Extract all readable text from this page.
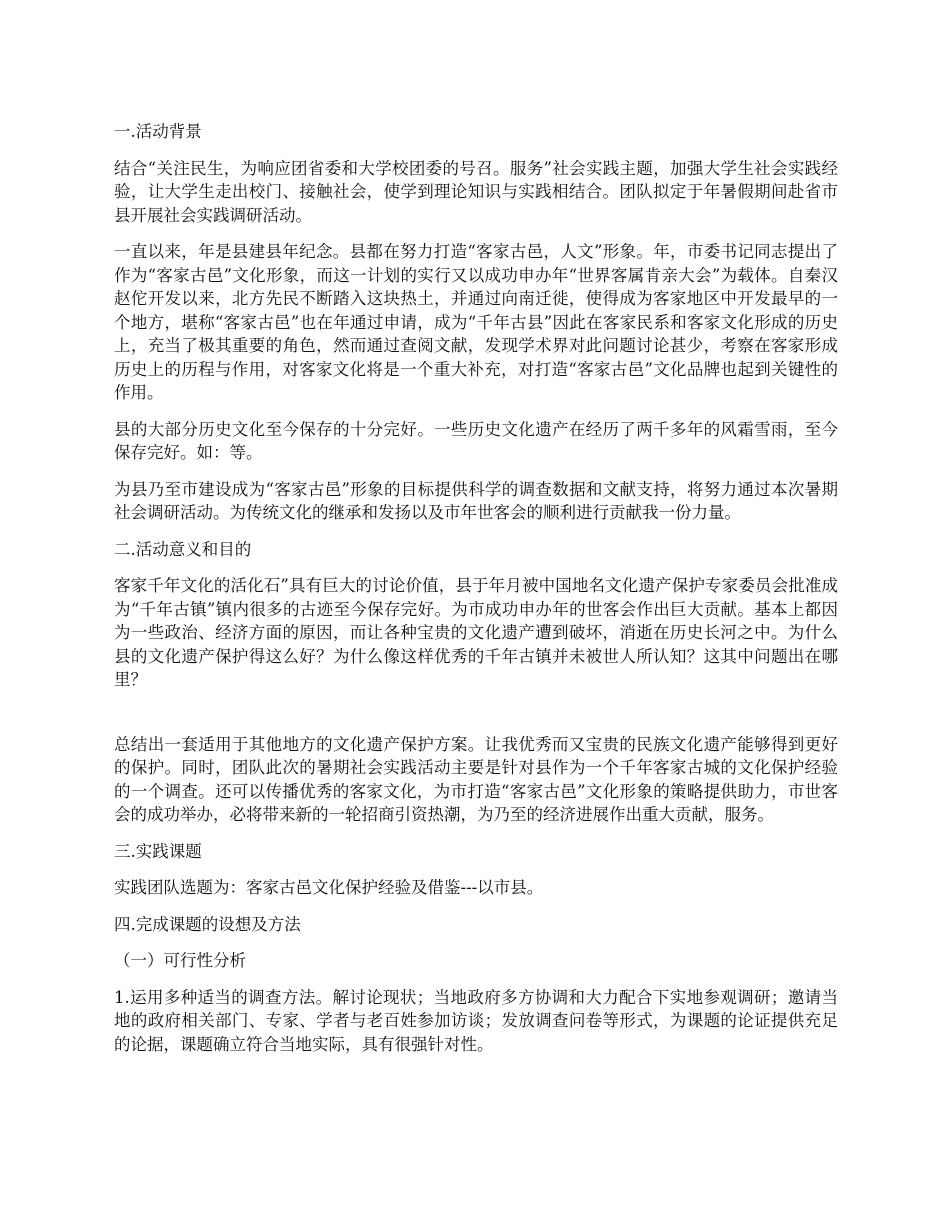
一.活动背景
结合“关注民生，为响应团省委和大学校团委的号召。服务”社会实践主题，加强大学生社会实践经验，让大学生走出校门、接触社会，使学到理论知识与实践相结合。团队拟定于年暑假期间赴省市县开展社会实践调研活动。
一直以来，年是县建县年纪念。县都在努力打造“客家古邑，人文”形象。年，市委书记同志提出了作为“客家古邑”文化形象，而这一计划的实行又以成功申办年“世界客属肯亲大会”为载体。自秦汉赵佗开发以来，北方先民不断踏入这块热土，并通过向南迁徙，使得成为客家地区中开发最早的一个地方，堪称“客家古邑”也在年通过申请，成为“千年古县”因此在客家民系和客家文化形成的历史上，充当了极其重要的角色，然而通过查阅文献，发现学术界对此问题讨论甚少，考察在客家形成历史上的历程与作用，对客家文化将是一个重大补充，对打造“客家古邑”文化品牌也起到关键性的作用。
县的大部分历史文化至今保存的十分完好。一些历史文化遗产在经历了两千多年的风霜雪雨，至今保存完好。如：等。
为县乃至市建设成为“客家古邑”形象的目标提供科学的调查数据和文献支持，将努力通过本次暑期社会调研活动。为传统文化的继承和发扬以及市年世客会的顺利进行贡献我一份力量。
二.活动意义和目的
客家千年文化的活化石”具有巨大的讨论价值，县于年月被中国地名文化遗产保护专家委员会批准成为“千年古镇”镇内很多的古迹至今保存完好。为市成功申办年的世客会作出巨大贡献。基本上都因为一些政治、经济方面的原因，而让各种宝贵的文化遗产遭到破坏，消逝在历史长河之中。为什么县的文化遗产保护得这么好？为什么像这样优秀的千年古镇并未被世人所认知？这其中问题出在哪里？
总结出一套适用于其他地方的文化遗产保护方案。让我优秀而又宝贵的民族文化遗产能够得到更好的保护。同时，团队此次的暑期社会实践活动主要是针对县作为一个千年客家古城的文化保护经验的一个调查。还可以传播优秀的客家文化，为市打造“客家古邑”文化形象的策略提供助力，市世客会的成功举办，必将带来新的一轮招商引资热潮，为乃至的经济进展作出重大贡献，服务。
三.实践课题
实践团队选题为：客家古邑文化保护经验及借鉴---以市县。
四.完成课题的设想及方法
（一）可行性分析
1.运用多种适当的调查方法。解讨论现状；当地政府多方协调和大力配合下实地参观调研；邀请当地的政府相关部门、专家、学者与老百姓参加访谈；发放调查问卷等形式，为课题的论证提供充足的论据，课题确立符合当地实际，具有很强针对性。
